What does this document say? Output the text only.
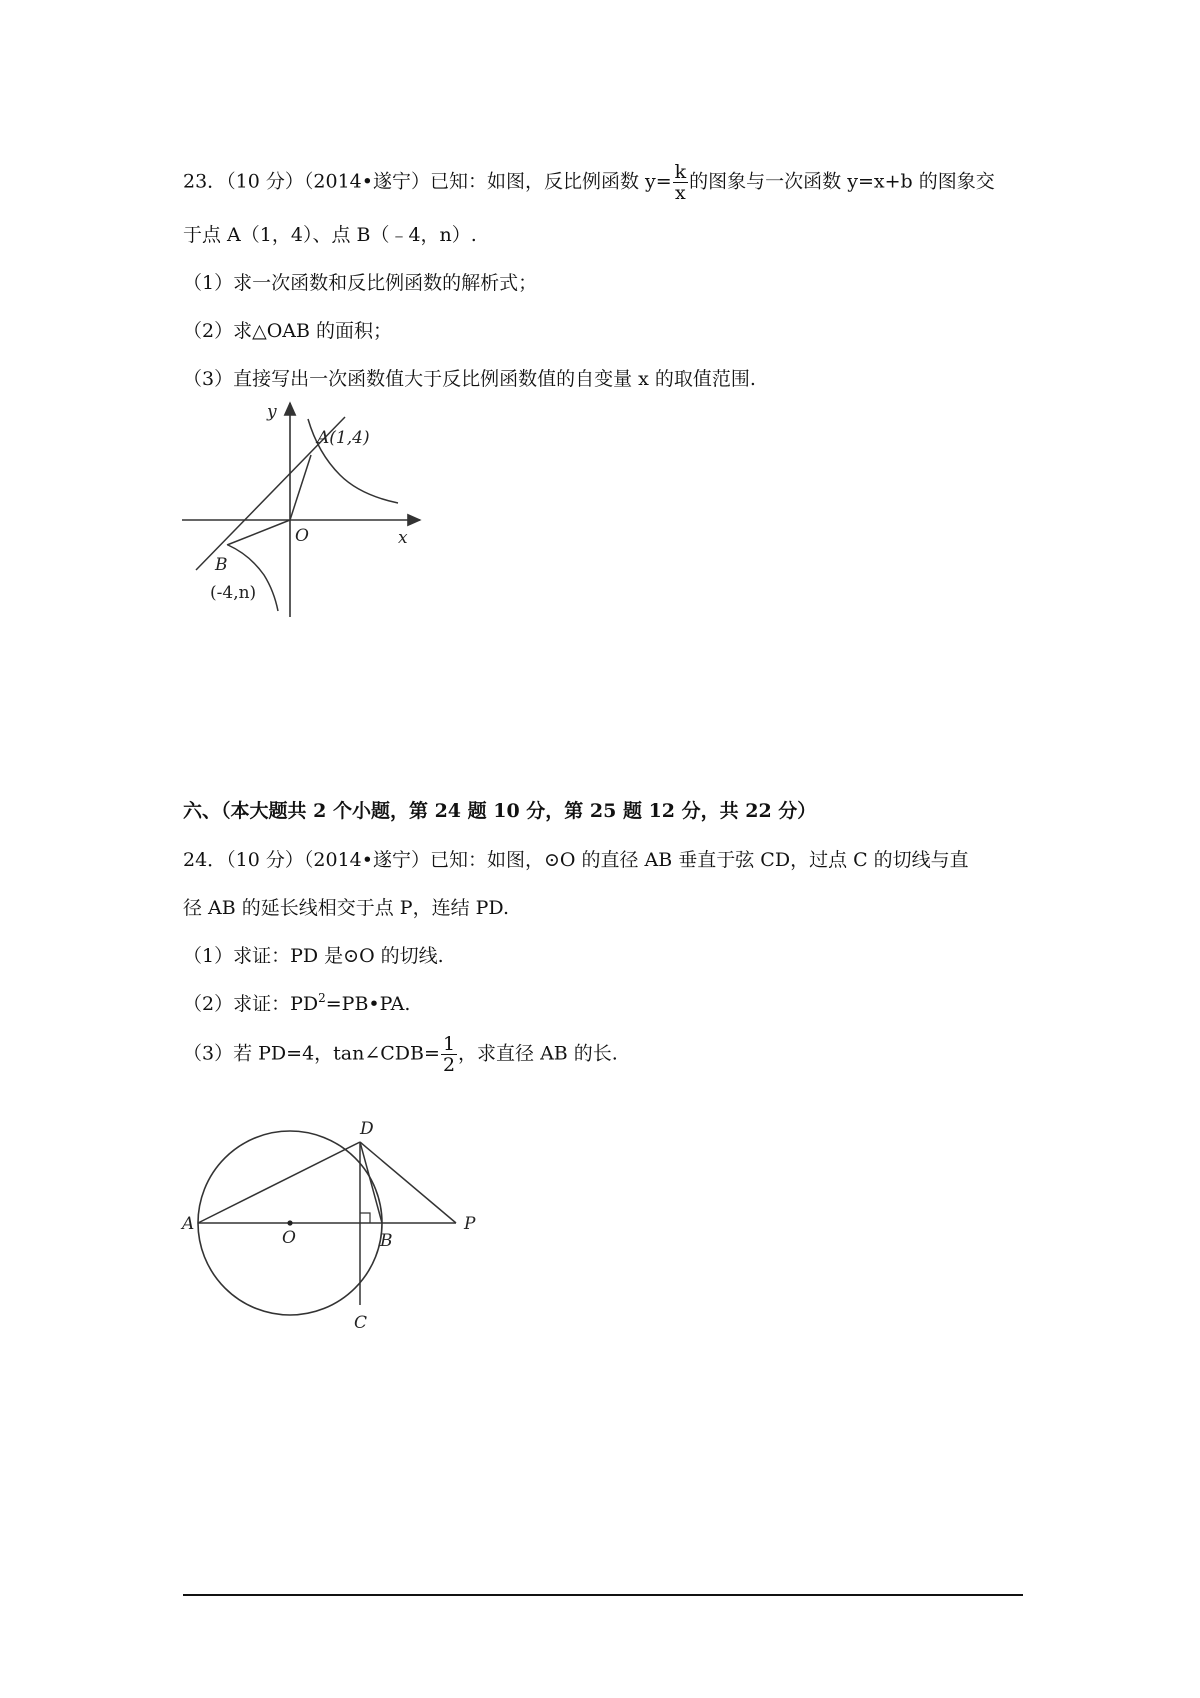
23．（10 分）（2014•遂宁）已知：如图，反比例函数 $y= \frac{k}{x}$ 的图象与一次函数 y=x+b 的图象交
于点 A（1，4）、点 B（﹣4，n）.
（1）求一次函数和反比例函数的解析式；
（2）求△OAB 的面积；
（3）直接写出一次函数值大于反比例函数值的自变量 x 的取值范围.
y
x
O
A(1,4)
B
(-4,n)
六、（本大题共 2 个小题，第 24 题 10 分，第 25 题 12 分，共 22 分）
24．（10 分）（2014•遂宁）已知：如图，⊙O 的直径 AB 垂直于弦 CD，过点 C 的切线与直
径 AB 的延长线相交于点 P，连结 PD.
（1）求证：PD 是⊙O 的切线.
（2）求证：$PD^2=PB•PA$.
（3）若 PD=4，tan∠CDB= $\frac{1}{2}$ ，求直径 AB 的长.
A
O	B
P
C
D
